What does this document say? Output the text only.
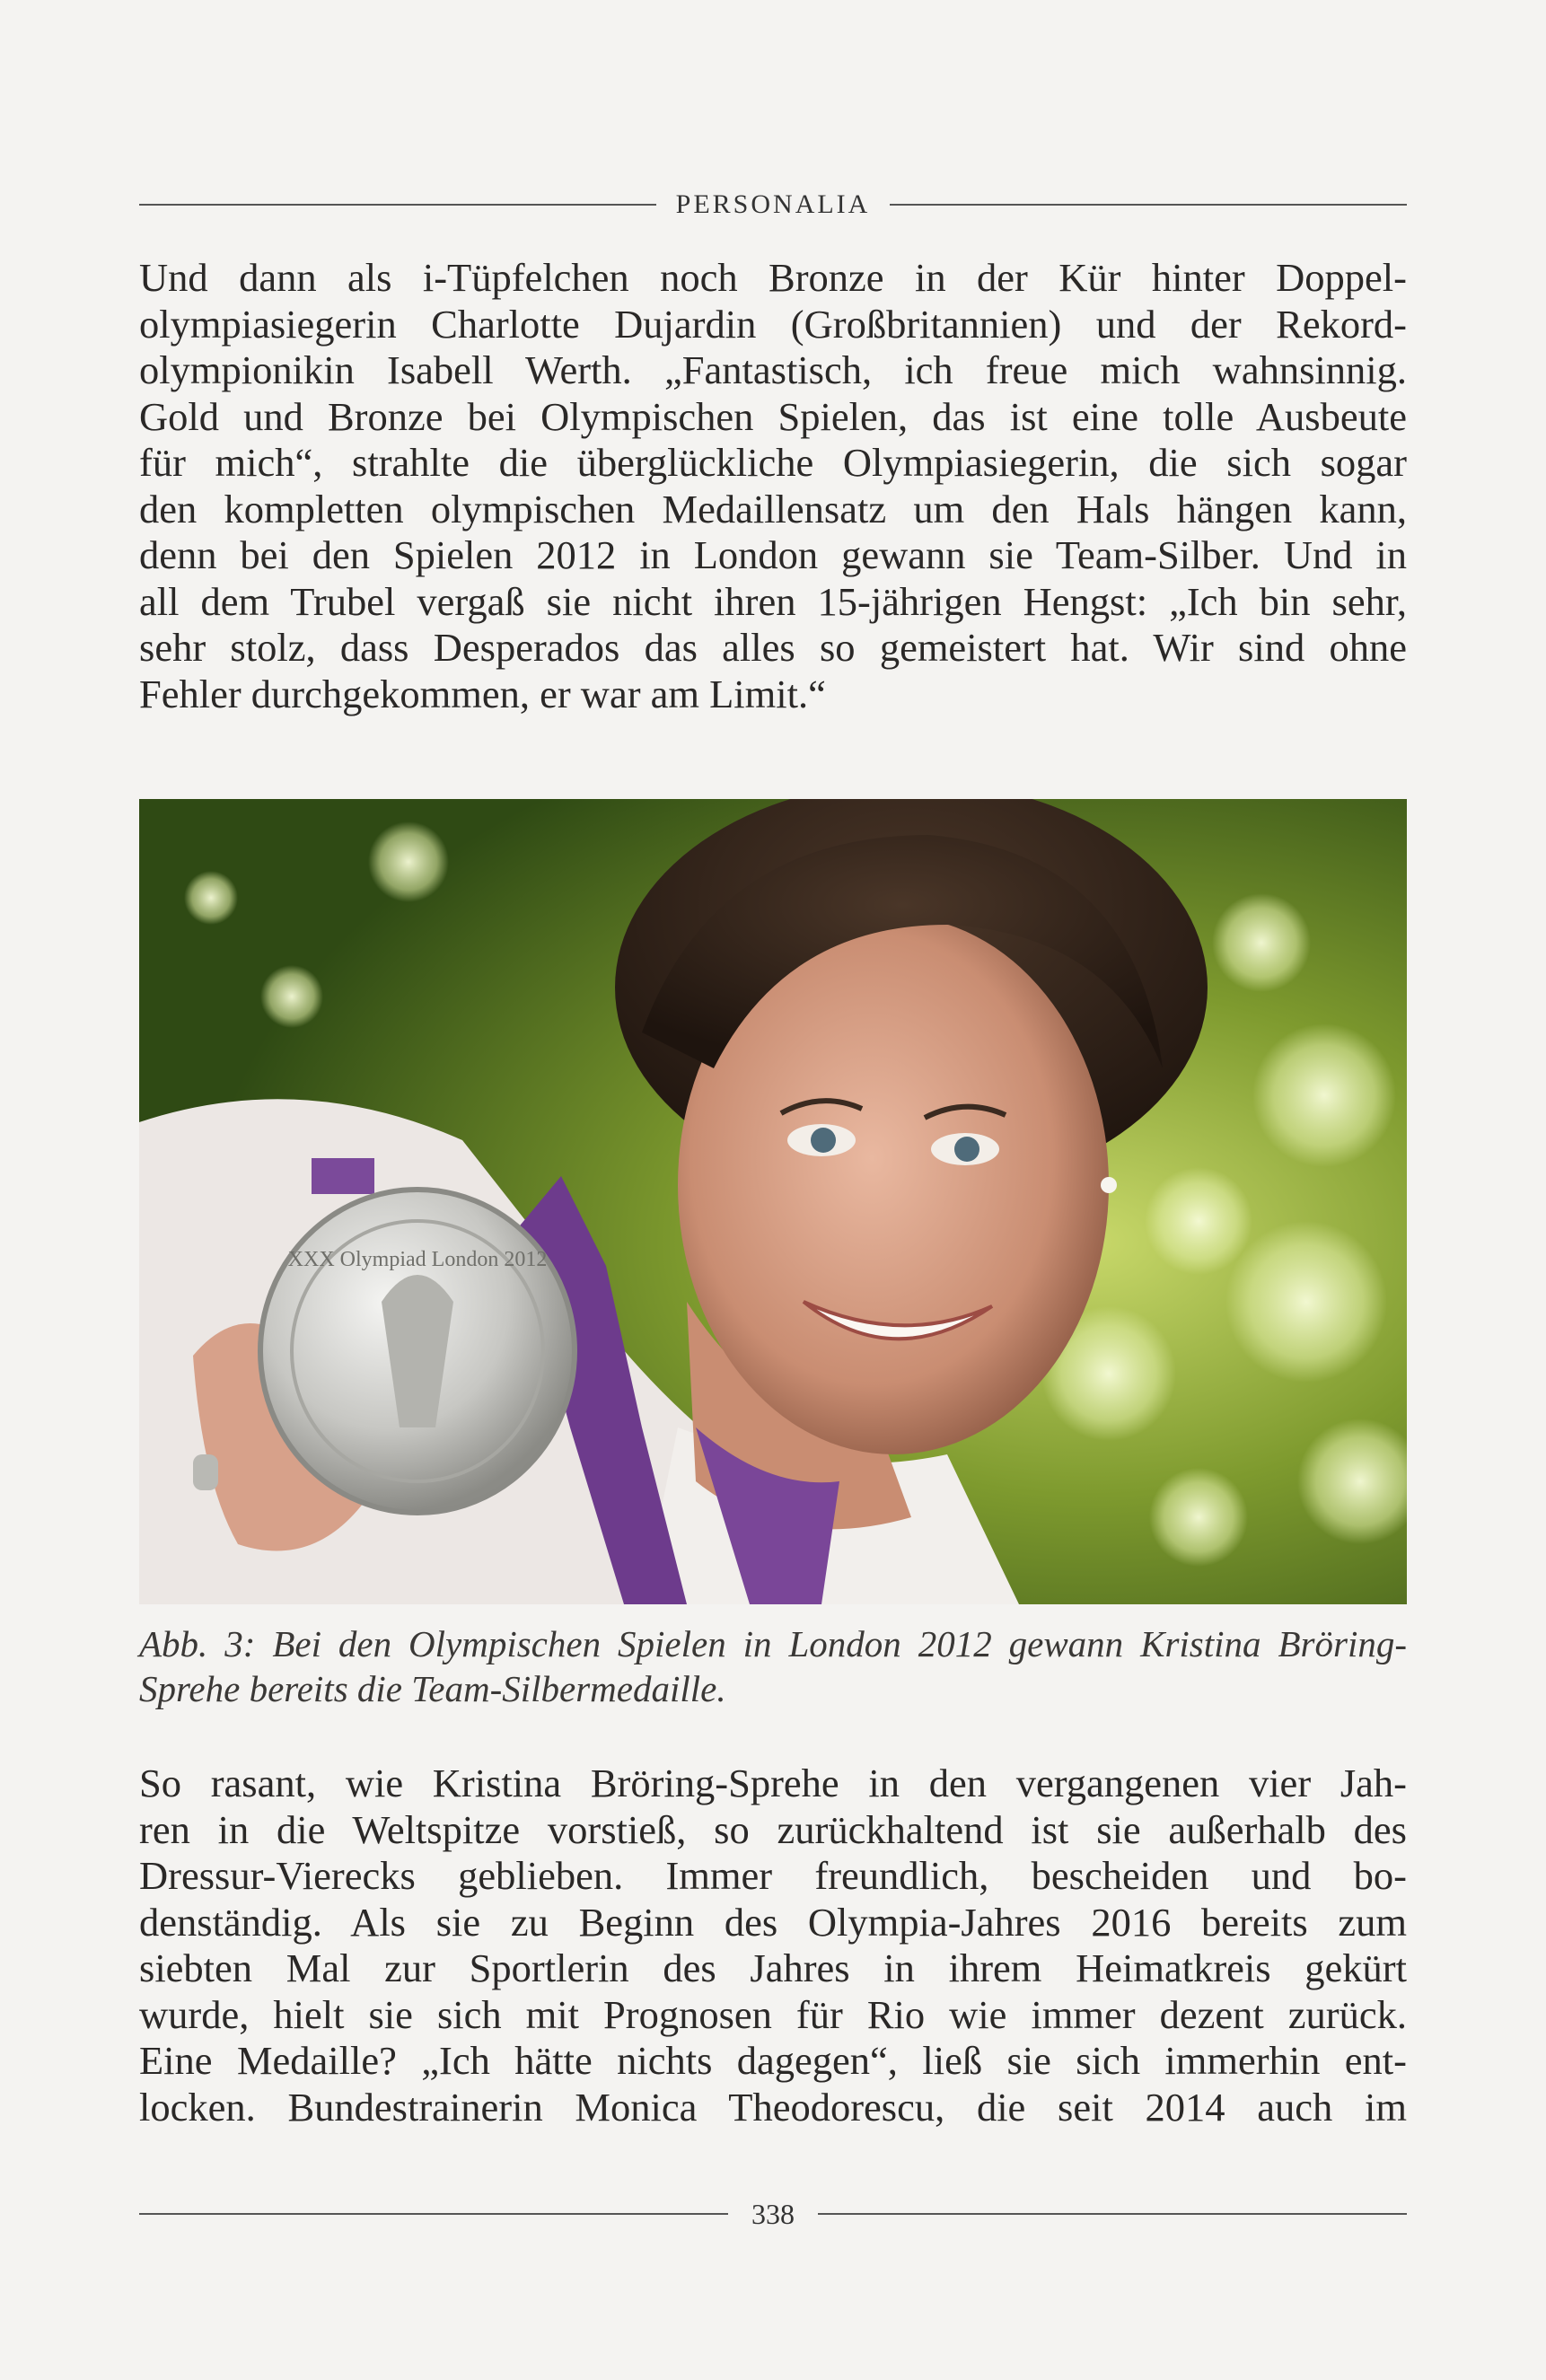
PERSONALIA
Und dann als i-Tüpfelchen noch Bronze in der Kür hinter Doppel-
olympiasiegerin Charlotte Dujardin (Großbritannien) und der Rekord-
olympionikin Isabell Werth. „Fantastisch, ich freue mich wahnsinnig.
Gold und Bronze bei Olympischen Spielen, das ist eine tolle Ausbeute
für mich“, strahlte die überglückliche Olympiasiegerin, die sich sogar
den kompletten olympischen Medaillensatz um den Hals hängen kann,
denn bei den Spielen 2012 in London gewann sie Team-Silber. Und in
all dem Trubel vergaß sie nicht ihren 15-jährigen Hengst: „Ich bin sehr,
sehr stolz, dass Desperados das alles so gemeistert hat. Wir sind ohne
Fehler durchgekommen, er war am Limit.“
XXX Olympiad London 2012
Abb. 3: Bei den Olympischen Spielen in London 2012 gewann Kristina Bröring-
Sprehe bereits die Team-Silbermedaille.
So rasant, wie Kristina Bröring-Sprehe in den vergangenen vier Jah-
ren in die Weltspitze vorstieß, so zurückhaltend ist sie außerhalb des
Dressur-Vierecks geblieben. Immer freundlich, bescheiden und bo-
denständig. Als sie zu Beginn des Olympia-Jahres 2016 bereits zum
siebten Mal zur Sportlerin des Jahres in ihrem Heimatkreis gekürt
wurde, hielt sie sich mit Prognosen für Rio wie immer dezent zurück.
Eine Medaille? „Ich hätte nichts dagegen“, ließ sie sich immerhin ent-
locken. Bundestrainerin Monica Theodorescu, die seit 2014 auch im
338
